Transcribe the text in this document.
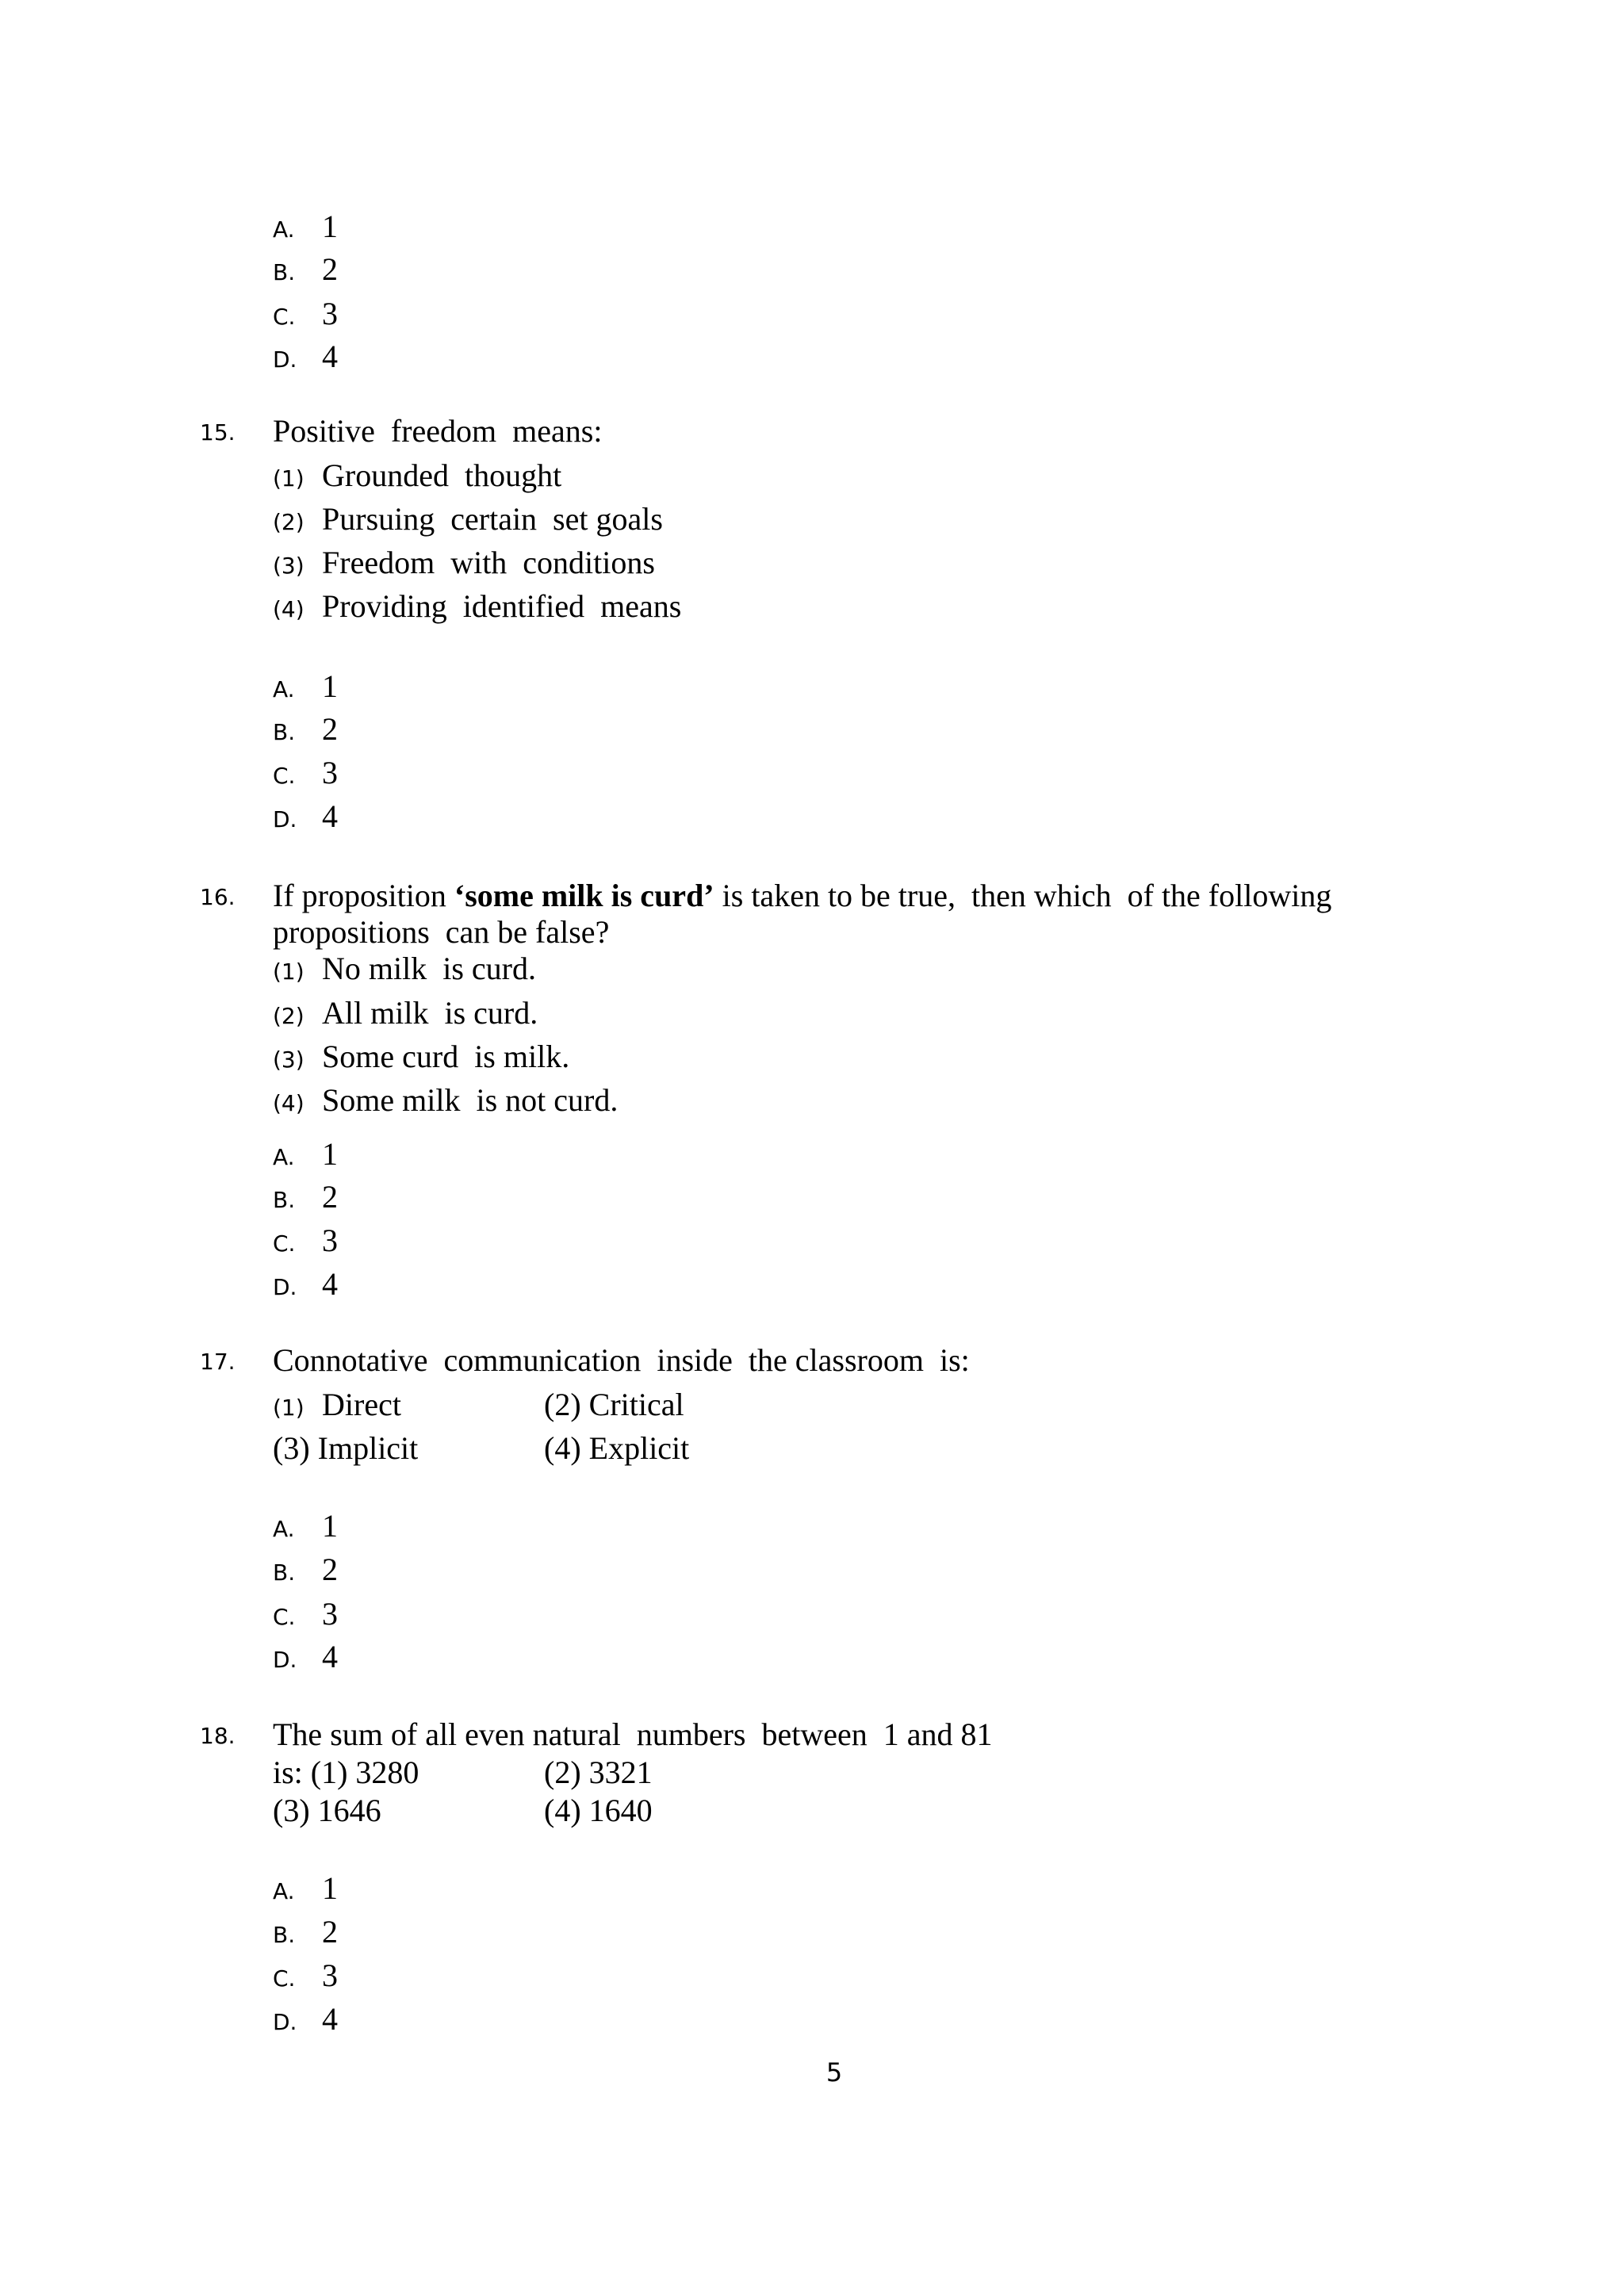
A. 1
B. 2
C. 3
D. 4
15. Positive  freedom  means:
(1) Grounded  thought
(2) Pursuing  certain  set goals
(3) Freedom  with  conditions
(4) Providing  identified  means
A. 1
B. 2
C. 3
D. 4
16. If proposition ‘some milk is curd’ is taken to be true,  then which  of the following
propositions  can be false?
(1) No milk  is curd.
(2) All milk  is curd.
(3) Some curd  is milk.
(4) Some milk  is not curd.
A. 1
B. 2
C. 3
D. 4
17. Connotative  communication  inside  the classroom  is:
(1) Direct	(2) Critical
(3) Implicit	(4) Explicit
A. 1
B. 2
C. 3
D. 4
18. The sum of all even natural  numbers  between  1 and 81
is: (1) 3280	(2) 3321
(3) 1646	(4) 1640
A. 1
B. 2
C. 3
D. 4
5
